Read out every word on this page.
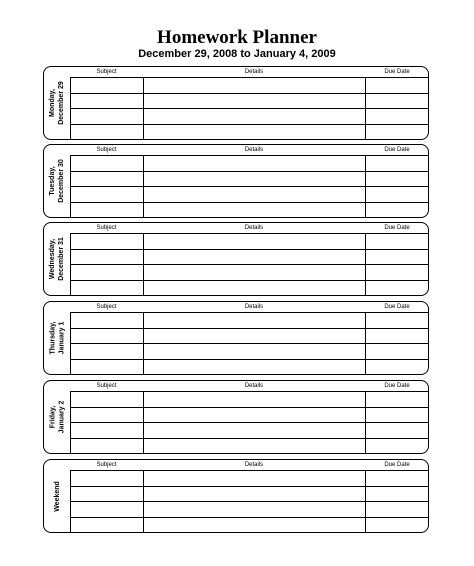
Homework Planner
December 29, 2008 to January 4, 2009
Monday, December 29
Subject	Details	Due Date
Tuesday, December 30
Subject	Details	Due Date
Wednesday, December 31
Subject	Details	Due Date
Thursday, January 1
Subject	Details	Due Date
Friday, January 2
Subject	Details	Due Date
Weekend
Subject	Details	Due Date
